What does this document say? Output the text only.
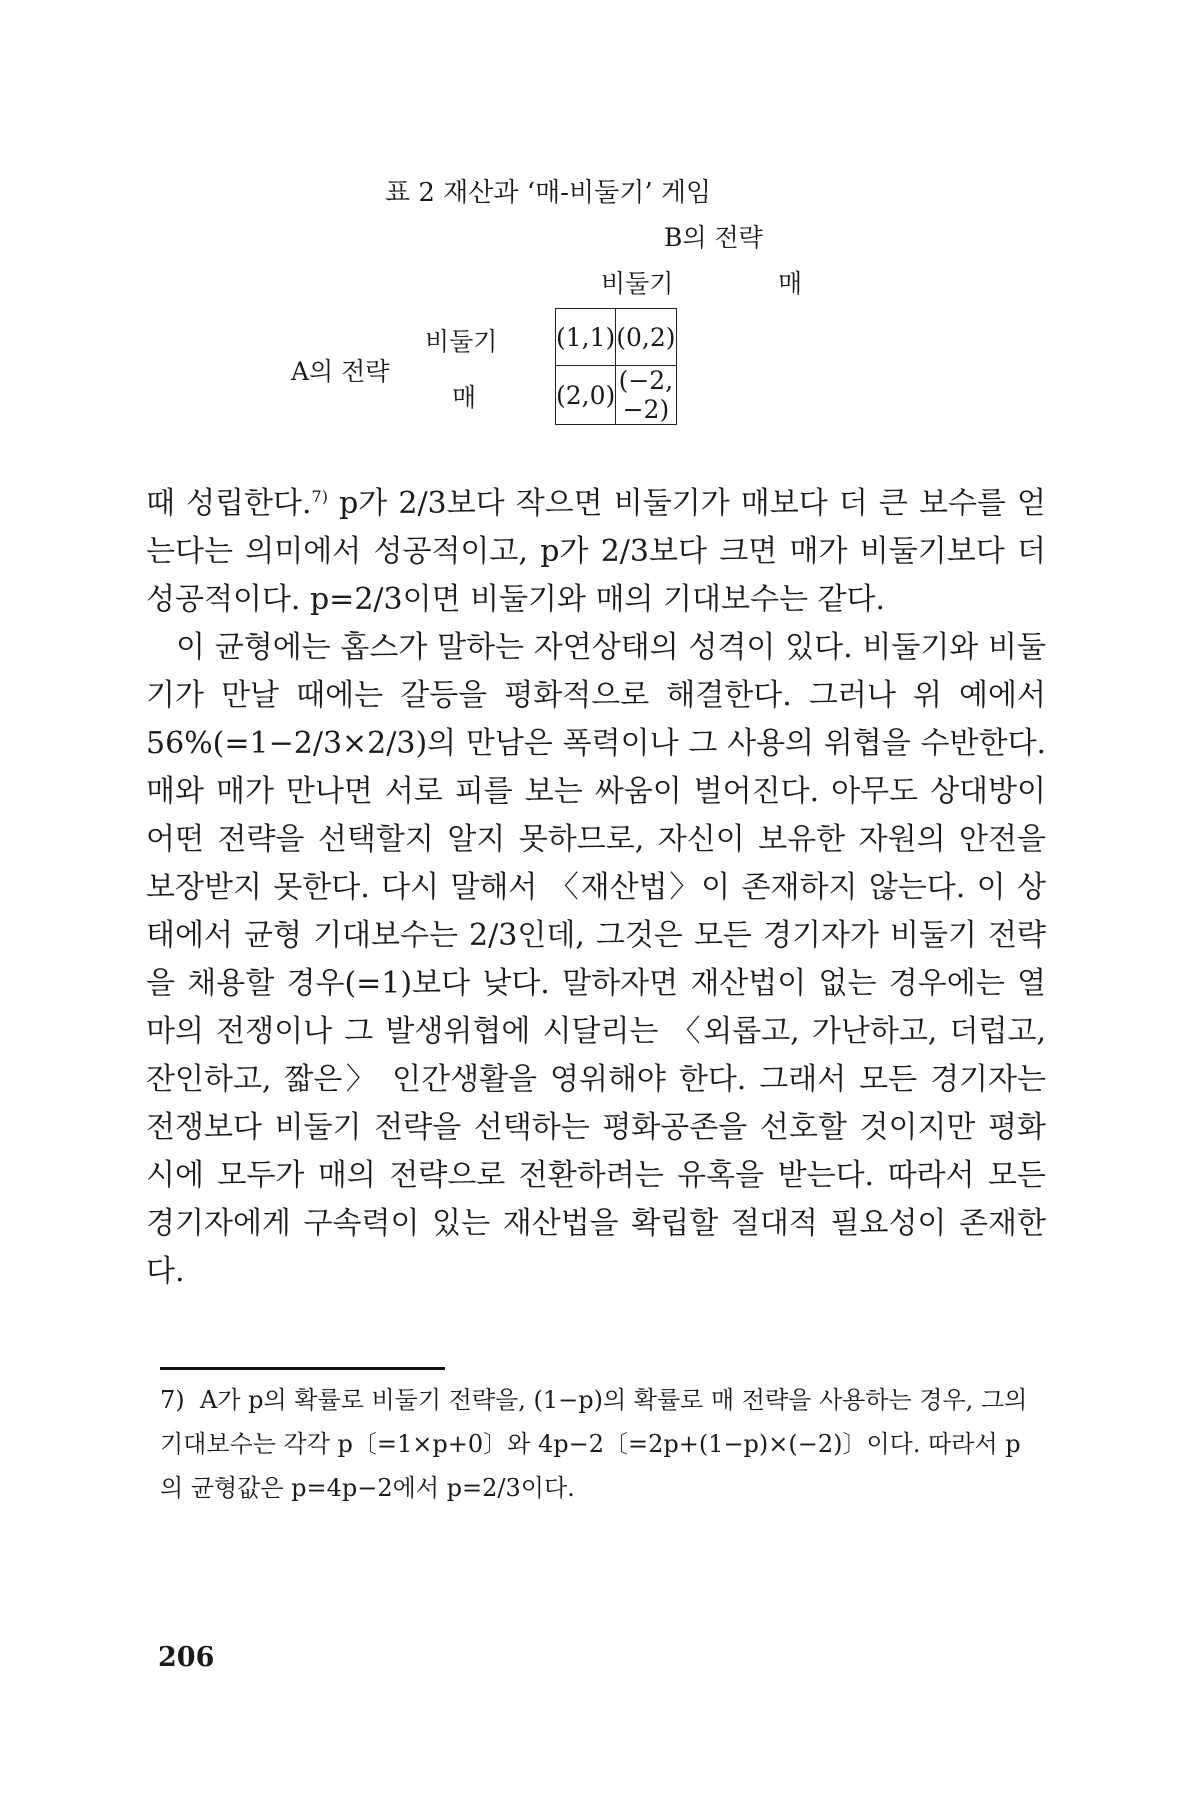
표 2 재산과 ‘매-비둘기’ 게임
B의 전략
비둘기	매
A의 전략
비둘기
매
(1,1)	(0,2)
(2,0)	(−2, −2)

때 성립한다.$^{7)}$ p가 2/3보다 작으면 비둘기가 매보다 더 큰 보수를 얻는다는 의미에서 성공적이고, p가 2/3보다 크면 매가 비둘기보다 더 성공적이다. p=2/3이면 비둘기와 매의 기대보수는 같다.

이 균형에는 홉스가 말하는 자연상태의 성격이 있다. 비둘기와 비둘기가 만날 때에는 갈등을 평화적으로 해결한다. 그러나 위 예에서 56%(=1−2/3×2/3)의 만남은 폭력이나 그 사용의 위협을 수반한다. 매와 매가 만나면 서로 피를 보는 싸움이 벌어진다. 아무도 상대방이 어떤 전략을 선택할지 알지 못하므로, 자신이 보유한 자원의 안전을 보장받지 못한다. 다시 말해서 〈재산법〉이 존재하지 않는다. 이 상태에서 균형 기대보수는 2/3인데, 그것은 모든 경기자가 비둘기 전략을 채용할 경우(=1)보다 낮다. 말하자면 재산법이 없는 경우에는 열마의 전쟁이나 그 발생위협에 시달리는 〈외롭고, 가난하고, 더럽고, 잔인하고, 짧은〉 인간생활을 영위해야 한다. 그래서 모든 경기자는 전쟁보다 비둘기 전략을 선택하는 평화공존을 선호할 것이지만 평화시에 모두가 매의 전략으로 전환하려는 유혹을 받는다. 따라서 모든 경기자에게 구속력이 있는 재산법을 확립할 절대적 필요성이 존재한다.

7) A가 p의 확률로 비둘기 전략을, (1−p)의 확률로 매 전략을 사용하는 경우, 그의 기대보수는 각각 p〔=1×p+0〕와 4p−2〔=2p+(1−p)×(−2)〕이다. 따라서 p의 균형값은 p=4p−2에서 p=2/3이다.
206
